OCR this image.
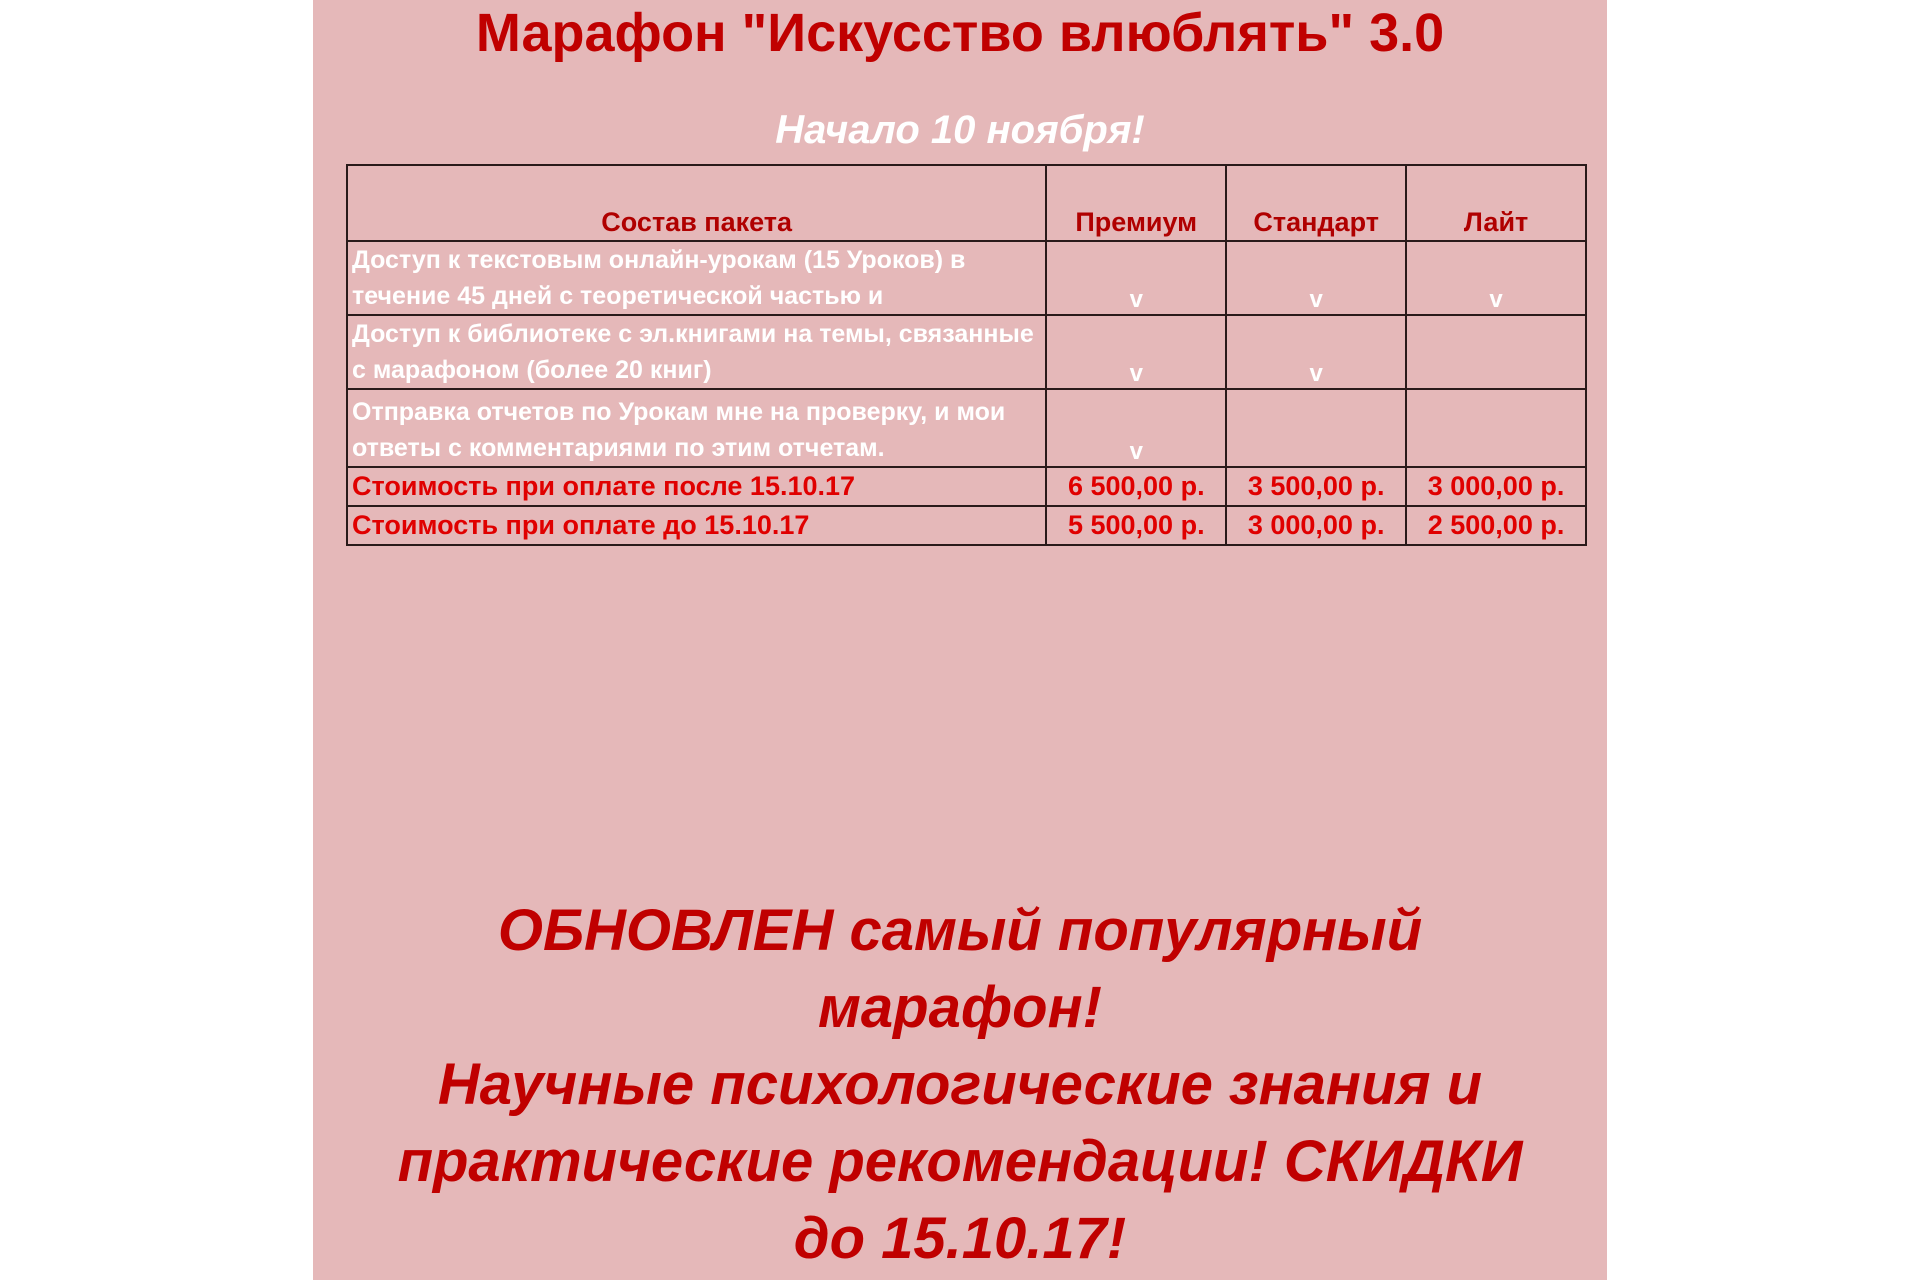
Марафон "Искусство влюблять" 3.0
Начало 10 ноября!
Состав пакета	Премиум	Стандарт	Лайт
Доступ к текстовым онлайн-урокам (15 Уроков) в течение 45 дней с теоретической частью и	v	v	v
Доступ к библиотеке с эл.книгами на темы, связанные с марафоном (более 20 книг)	v	v	
Отправка отчетов по Урокам мне на проверку, и мои ответы с комментариями по этим отчетам.	v		
Стоимость при оплате после 15.10.17	6 500,00 р.	3 500,00 р.	3 000,00 р.
Стоимость при оплате до 15.10.17	5 500,00 р.	3 000,00 р.	2 500,00 р.
ОБНОВЛЕН самый популярный
марафон!
Научные психологические знания и
практические рекомендации! СКИДКИ
до 15.10.17!
